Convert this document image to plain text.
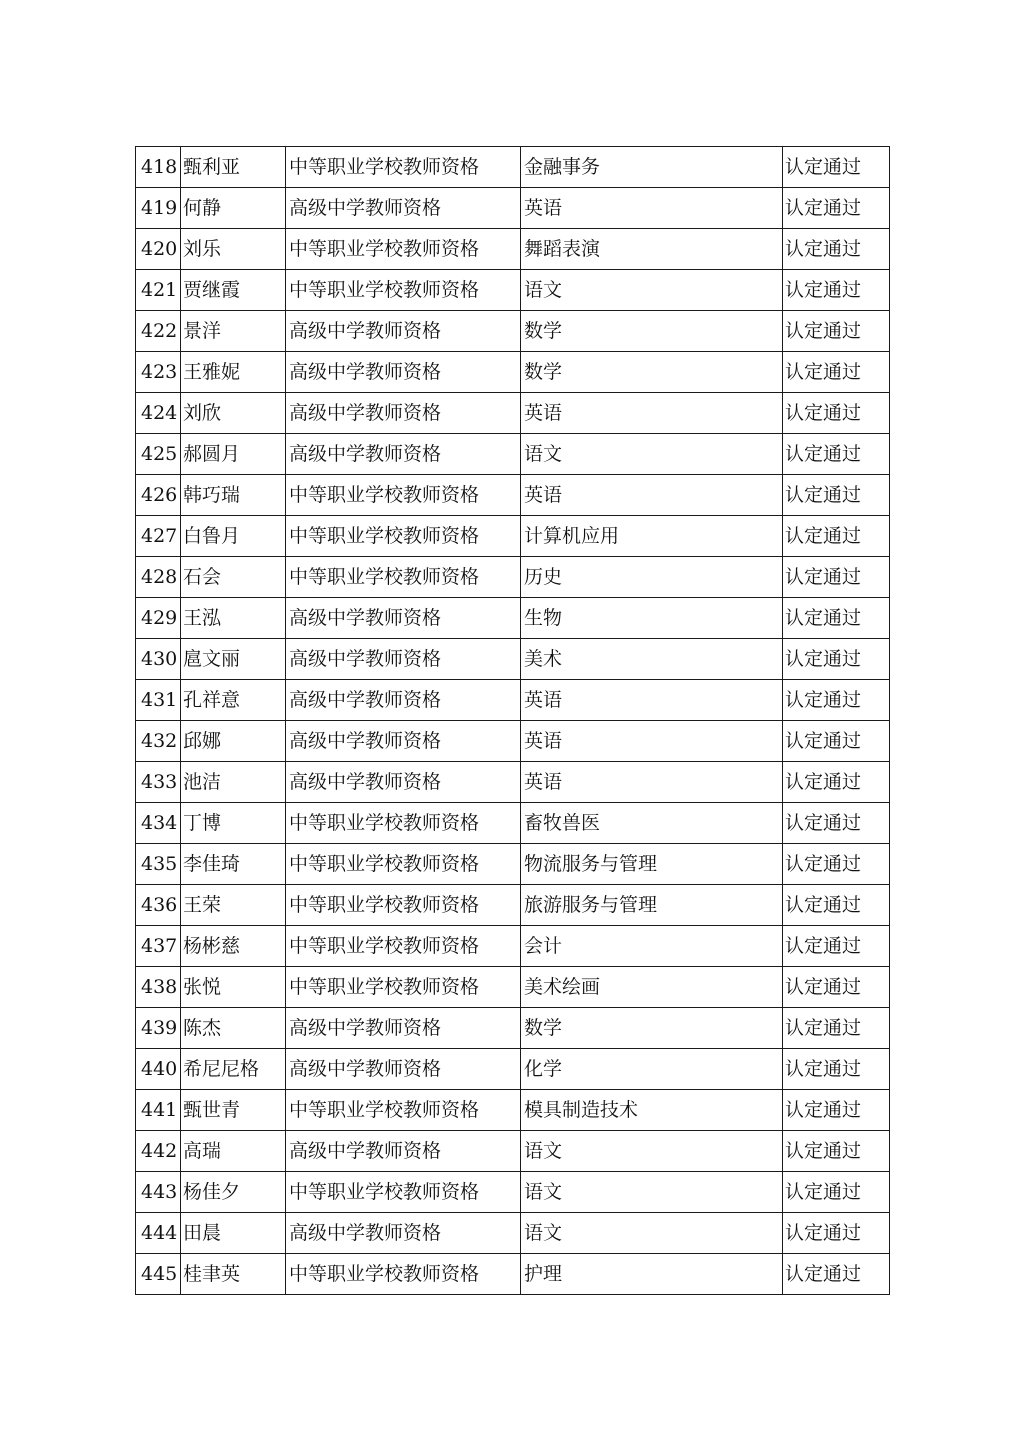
418	甄利亚	中等职业学校教师资格	金融事务	认定通过
419	何静	高级中学教师资格	英语	认定通过
420	刘乐	中等职业学校教师资格	舞蹈表演	认定通过
421	贾继霞	中等职业学校教师资格	语文	认定通过
422	景洋	高级中学教师资格	数学	认定通过
423	王雅妮	高级中学教师资格	数学	认定通过
424	刘欣	高级中学教师资格	英语	认定通过
425	郝圆月	高级中学教师资格	语文	认定通过
426	韩巧瑞	中等职业学校教师资格	英语	认定通过
427	白鲁月	中等职业学校教师资格	计算机应用	认定通过
428	石会	中等职业学校教师资格	历史	认定通过
429	王泓	高级中学教师资格	生物	认定通过
430	扈文丽	高级中学教师资格	美术	认定通过
431	孔祥意	高级中学教师资格	英语	认定通过
432	邱娜	高级中学教师资格	英语	认定通过
433	池洁	高级中学教师资格	英语	认定通过
434	丁博	中等职业学校教师资格	畜牧兽医	认定通过
435	李佳琦	中等职业学校教师资格	物流服务与管理	认定通过
436	王荣	中等职业学校教师资格	旅游服务与管理	认定通过
437	杨彬慈	中等职业学校教师资格	会计	认定通过
438	张悦	中等职业学校教师资格	美术绘画	认定通过
439	陈杰	高级中学教师资格	数学	认定通过
440	希尼尼格	高级中学教师资格	化学	认定通过
441	甄世青	中等职业学校教师资格	模具制造技术	认定通过
442	高瑞	高级中学教师资格	语文	认定通过
443	杨佳夕	中等职业学校教师资格	语文	认定通过
444	田晨	高级中学教师资格	语文	认定通过
445	桂聿英	中等职业学校教师资格	护理	认定通过
